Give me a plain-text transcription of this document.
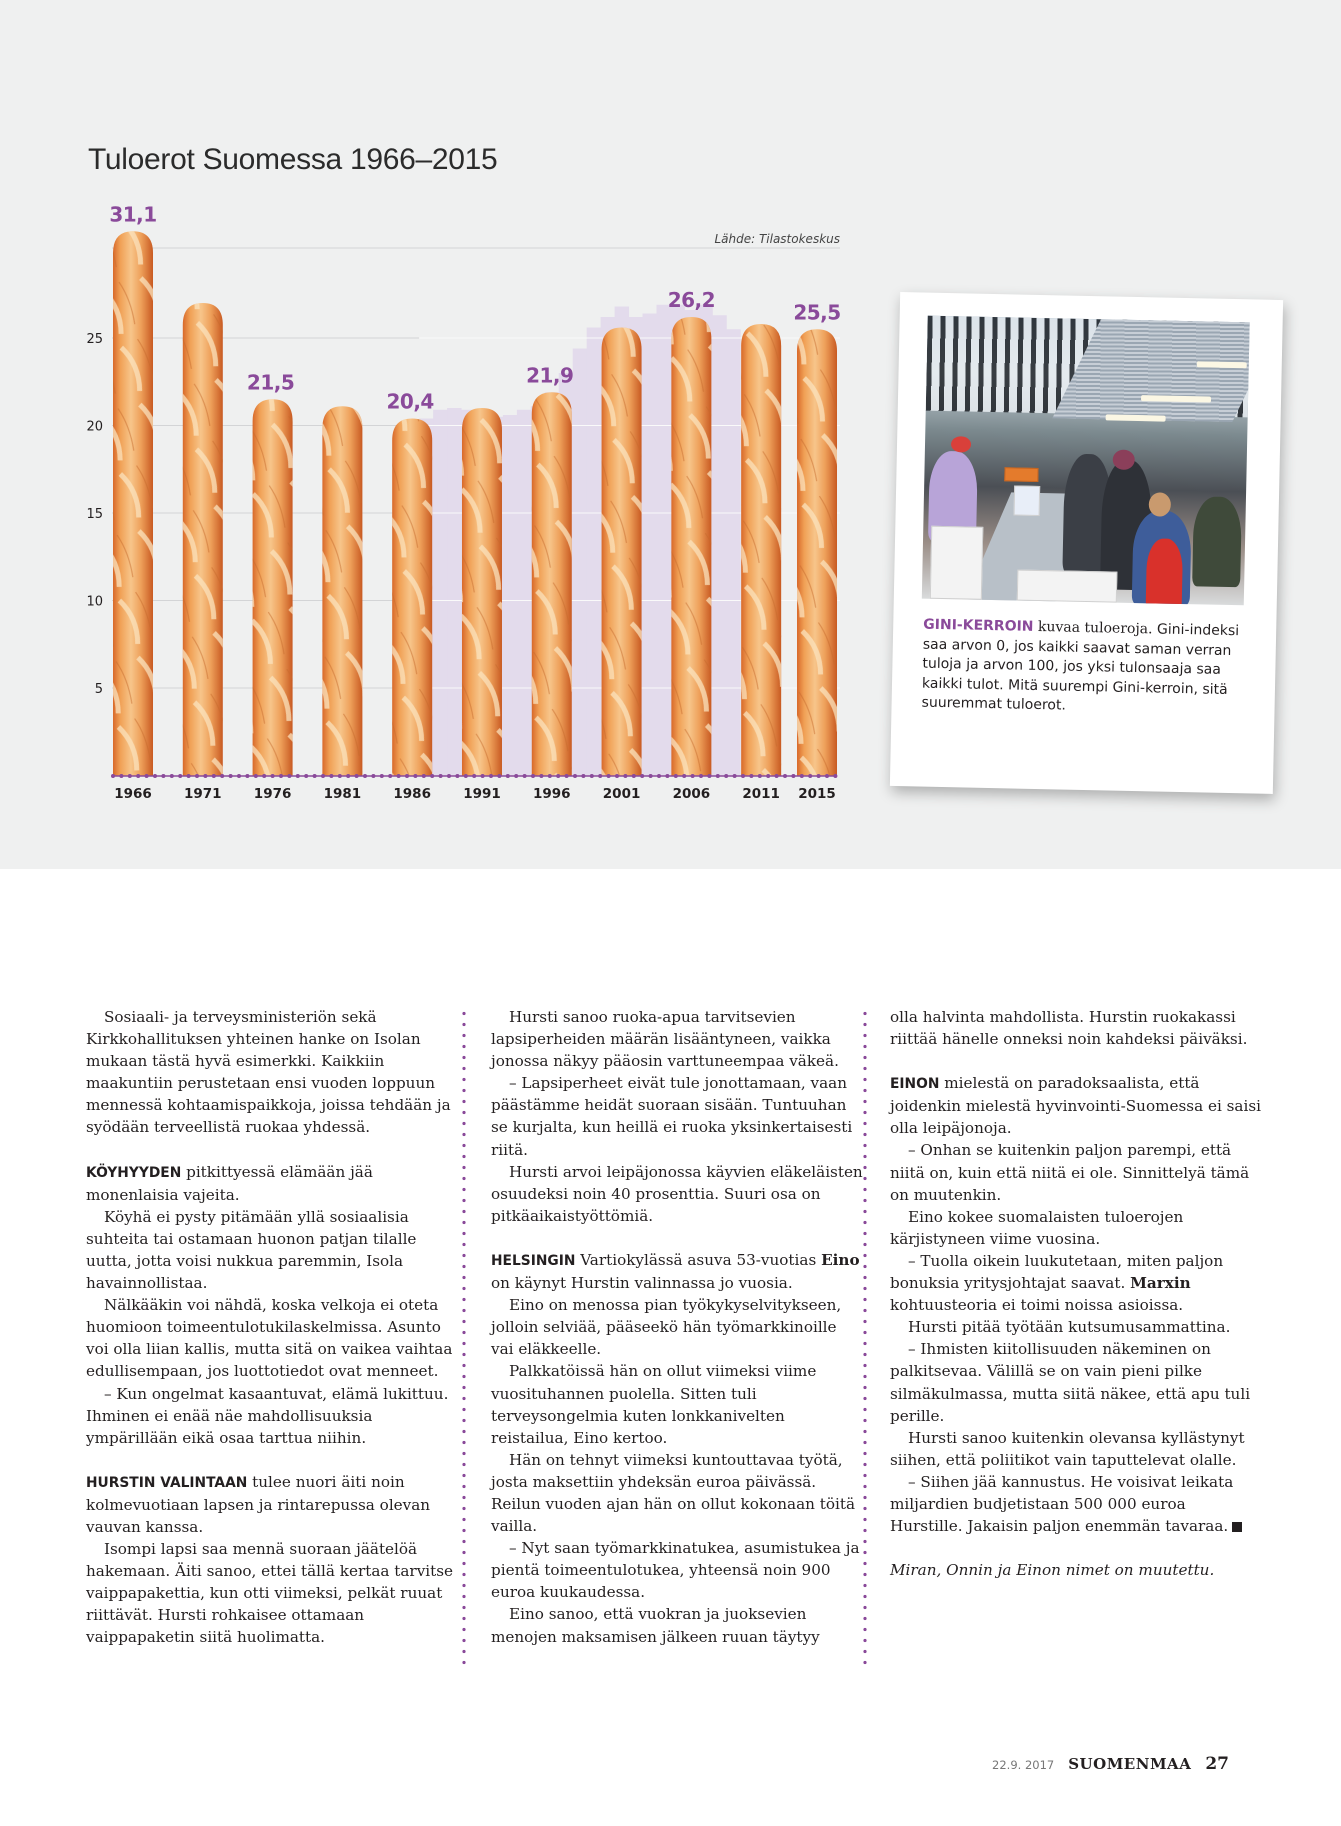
Tuloerot Suomessa 1966–2015
5
10
15
20
25
1966 1971 1976 1981 1986 1991 1996 2001 2006 2011 2015
31,1
21,5
20,4
21,9
26,2
25,5
Lähde: Tilastokeskus
GINI-KERROIN kuvaa tuloeroja. Gini-indeksi saa arvon 0, jos kaikki saavat saman verran tuloja ja arvon 100, jos yksi tulonsaaja saa kaikki tulot. Mitä suurempi Gini-kerroin, sitä suuremmat tuloerot.

Sosiaali- ja terveysministeriön sekä Kirkkohallituksen yhteinen hanke on Isolan mukaan tästä hyvä esimerkki. Kaikkiin maakuntiin perustetaan ensi vuoden loppuun mennessä kohtaamispaikkoja, joissa tehdään ja syödään terveellistä ruokaa yhdessä.

KÖYHYYDEN pitkittyessä elämään jää monenlaisia vajeita.

Köyhä ei pysty pitämään yllä sosiaalisia suhteita tai ostamaan huonon patjan tilalle uutta, jotta voisi nukkua paremmin, Isola havainnollistaa.

Nälkääkin voi nähdä, koska velkoja ei oteta huomioon toimeentulotukilaskelmissa. Asunto voi olla liian kallis, mutta sitä on vaikea vaihtaa edullisempaan, jos luottotiedot ovat menneet.

– Kun ongelmat kasaantuvat, elämä lukittuu. Ihminen ei enää näe mahdollisuuksia ympärillään eikä osaa tarttua niihin.

HURSTIN VALINTAAN tulee nuori äiti noin kolmevuotiaan lapsen ja rintarepussa olevan vauvan kanssa.

Isompi lapsi saa mennä suoraan jäätelöä hakemaan. Äiti sanoo, ettei tällä kertaa tarvitse vaippapakettia, kun otti viimeksi, pelkät ruuat riittävät. Hursti rohkaisee ottamaan vaippapaketin siitä huolimatta.

Hursti sanoo ruoka-apua tarvitsevien lapsiperheiden määrän lisääntyneen, vaikka jonossa näkyy pääosin varttuneempaa väkeä.

– Lapsiperheet eivät tule jonottamaan, vaan päästämme heidät suoraan sisään. Tuntuuhan se kurjalta, kun heillä ei ruoka yksinkertaisesti riitä.

Hursti arvoi leipäjonossa käyvien eläkeläisten osuudeksi noin 40 prosenttia. Suuri osa on pitkäaikaistyöttömiä.

HELSINGIN Vartiokylässä asuva 53-vuotias Eino on käynyt Hurstin valinnassa jo vuosia.

Eino on menossa pian työkykyselvitykseen, jolloin selviää, pääseekö hän työmarkkinoille vai eläkkeelle.

Palkkatöissä hän on ollut viimeksi viime vuosituhannen puolella. Sitten tuli terveysongelmia kuten lonkkanivelten reistailua, Eino kertoo.

Hän on tehnyt viimeksi kuntouttavaa työtä, josta maksettiin yhdeksän euroa päivässä. Reilun vuoden ajan hän on ollut kokonaan töitä vailla.

– Nyt saan työmarkkinatukea, asumistukea ja pientä toimeentulotukea, yhteensä noin 900 euroa kuukaudessa.

Eino sanoo, että vuokran ja juoksevien menojen maksamisen jälkeen ruuan täytyy

olla halvinta mahdollista. Hurstin ruokakassi riittää hänelle onneksi noin kahdeksi päiväksi.

EINON mielestä on paradoksaalista, että joidenkin mielestä hyvinvointi-Suomessa ei saisi olla leipäjonoja.

– Onhan se kuitenkin paljon parempi, että niitä on, kuin että niitä ei ole. Sinnittelyä tämä on muutenkin.

Eino kokee suomalaisten tuloerojen kärjistyneen viime vuosina.

– Tuolla oikein luukutetaan, miten paljon bonuksia yritysjohtajat saavat. Marxin kohtuusteoria ei toimi noissa asioissa.

Hursti pitää työtään kutsumusammattina.

– Ihmisten kiitollisuuden näkeminen on palkitsevaa. Välillä se on vain pieni pilke silmäkulmassa, mutta siitä näkee, että apu tuli perille.

Hursti sanoo kuitenkin olevansa kyllästynyt siihen, että poliitikot vain taputtelevat olalle.

– Siihen jää kannustus. He voisivat leikata miljardien budjetistaan 500 000 euroa Hurstille. Jakaisin paljon enemmän tavaraa.

Miran, Onnin ja Einon nimet on muutettu.

22.9. 2017 SUOMENMAA 27
